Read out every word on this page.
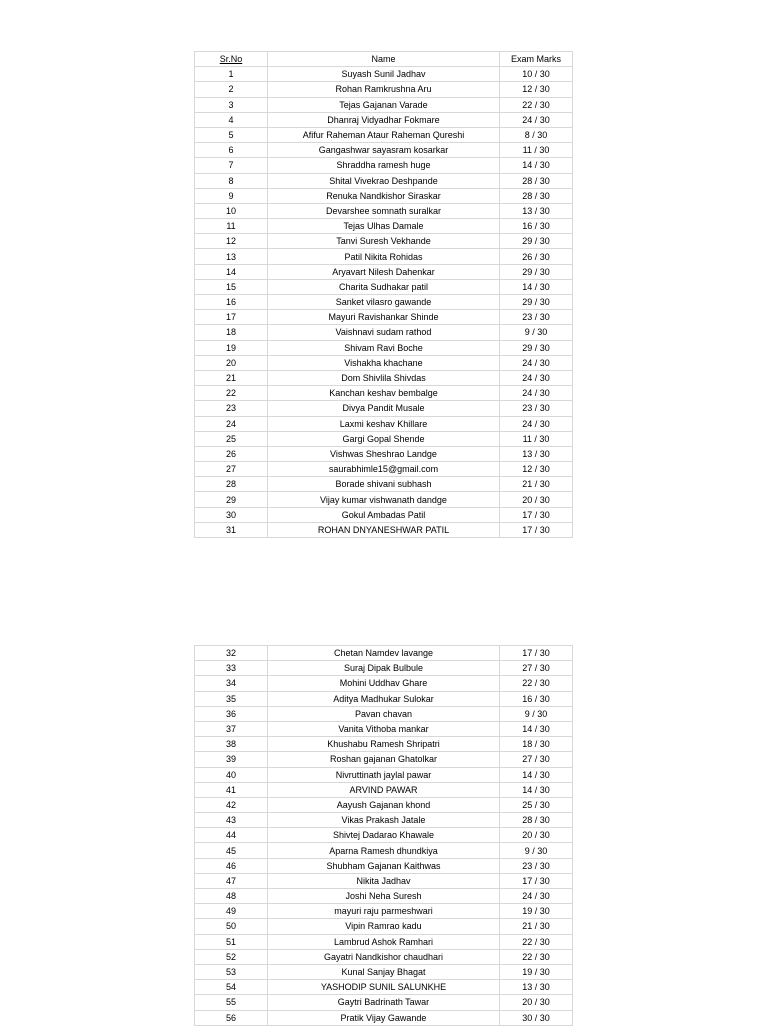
Sr.No	Name	Exam Marks
1	Suyash Sunil Jadhav	10 / 30
2	Rohan Ramkrushna Aru	12 / 30
3	Tejas Gajanan Varade	22 / 30
4	Dhanraj Vidyadhar Fokmare	24 / 30
5	Afifur Raheman Ataur Raheman Qureshi	8 / 30
6	Gangashwar sayasram kosarkar	11 / 30
7	Shraddha ramesh huge	14 / 30
8	Shital Vivekrao Deshpande	28 / 30
9	Renuka Nandkishor Siraskar	28 / 30
10	Devarshee somnath suralkar	13 / 30
11	Tejas Ulhas Damale	16 / 30
12	Tanvi Suresh Vekhande	29 / 30
13	Patil Nikita Rohidas	26 / 30
14	Aryavart Nilesh Dahenkar	29 / 30
15	Charita Sudhakar patil	14 / 30
16	Sanket vilasro gawande	29 / 30
17	Mayuri Ravishankar Shinde	23 / 30
18	Vaishnavi sudam rathod	9 / 30
19	Shivam Ravi Boche	29 / 30
20	Vishakha khachane	24 / 30
21	Dom Shivlila Shivdas	24 / 30
22	Kanchan keshav bembalge	24 / 30
23	Divya Pandit Musale	23 / 30
24	Laxmi keshav Khillare	24 / 30
25	Gargi Gopal Shende	11 / 30
26	Vishwas Sheshrao Landge	13 / 30
27	saurabhimle15@gmail.com	12 / 30
28	Borade shivani subhash	21 / 30
29	Vijay kumar vishwanath dandge	20 / 30
30	Gokul Ambadas Patil	17 / 30
31	ROHAN DNYANESHWAR PATIL	17 / 30
32	Chetan Namdev lavange	17 / 30
33	Suraj Dipak Bulbule	27 / 30
34	Mohini Uddhav Ghare	22 / 30
35	Aditya Madhukar Sulokar	16 / 30
36	Pavan chavan	9 / 30
37	Vanita Vithoba mankar	14 / 30
38	Khushabu Ramesh Shripatri	18 / 30
39	Roshan gajanan Ghatolkar	27 / 30
40	Nivruttinath jaylal pawar	14 / 30
41	ARVIND PAWAR	14 / 30
42	Aayush Gajanan khond	25 / 30
43	Vikas Prakash Jatale	28 / 30
44	Shivtej Dadarao Khawale	20 / 30
45	Aparna Ramesh dhundkiya	9 / 30
46	Shubham Gajanan Kaithwas	23 / 30
47	Nikita Jadhav	17 / 30
48	Joshi Neha Suresh	24 / 30
49	mayuri raju parmeshwari	19 / 30
50	Vipin Ramrao kadu	21 / 30
51	Lambrud Ashok Ramhari	22 / 30
52	Gayatri Nandkishor chaudhari	22 / 30
53	Kunal Sanjay Bhagat	19 / 30
54	YASHODIP SUNIL SALUNKHE	13 / 30
55	Gaytri Badrinath Tawar	20 / 30
56	Pratik Vijay Gawande	30 / 30
